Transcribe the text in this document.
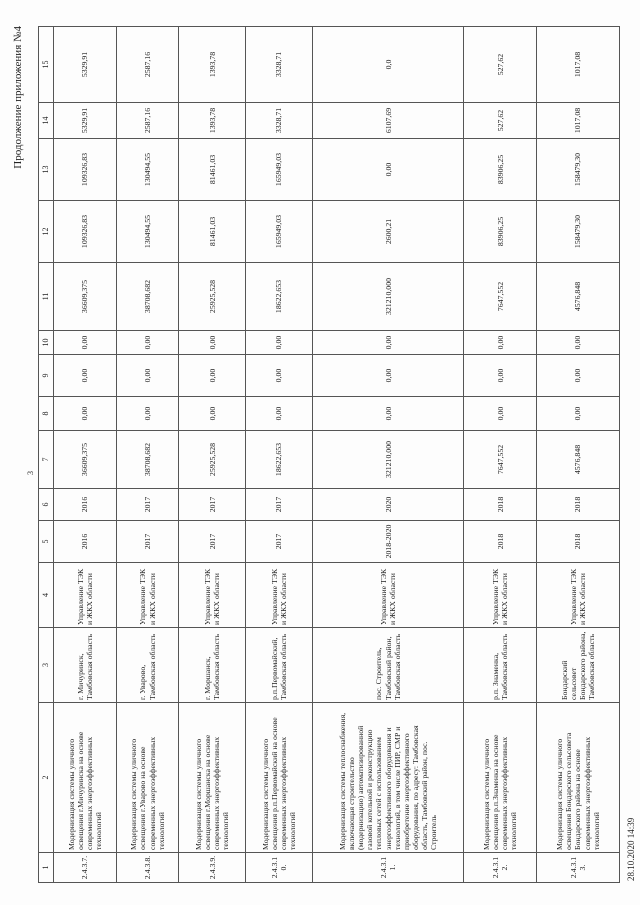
Продолжение приложения №4
3
1	2	3	4	5	6	7	8	9	10	11	12	13	14	15
2.4.3.7.	Модернизация системы уличного освещения г.Мичуринска на основе современных энергоэффективных технологий	г. Мичуринск, Тамбовская область	Управление ТЭК и ЖКХ области	2016	2016	36609,375	0,00	0,00	0,00	36609,375	109326,83	109326,83	5329,91	5329,91
2.4.3.8.	Модернизация системы уличного освещения г.Уварово на основе современных энергоэффективных технологий	г. Уварово, Тамбовская область	Управление ТЭК и ЖКХ области	2017	2017	38708,682	0,00	0,00	0,00	38708,682	130494,55	130494,55	2587,16	2587,16
2.4.3.9.	Модернизация системы уличного освещения г.Моршанска на основе современных энергоэффективных технологий	г. Моршанск, Тамбовская область	Управление ТЭК и ЖКХ области	2017	2017	25925,528	0,00	0,00	0,00	25925,528	81461,03	81461,03	1393,78	1393,78
2.4.3.10.	Модернизация системы уличного освещения р.п.Первомайский на основе современных энергоэффективных технологий	р.п.Первомайский, Тамбовская область	Управление ТЭК и ЖКХ области	2017	2017	18622,653	0,00	0,00	0,00	18622,653	165949,03	165949,03	3328,71	3328,71
2.4.3.11.	Модернизация системы теплоснабжения, включающая строительство (модернизацию) автоматизированной газовой котельной и реконструкцию тепловых сетей с использованием энергоэффективного оборудования и технологий, в том числе ПИР, СМР и приобретение энергоэффективного оборудования, по адресу: Тамбовская область, Тамбовский район, пос. Строитель	пос. Строитель, Тамбовский район, Тамбовская область	Управление ТЭК и ЖКХ области	2018-2020	2020	321210,000	0,00	0,00	0,00	321210,000	2600,21	0,00	6107,69	0,0
2.4.3.12.	Модернизация системы уличного освещения р.п.Знаменка на основе современных энергоэффективных технологий	р.п. Знаменка, Тамбовская область	Управление ТЭК и ЖКХ области	2018	2018	7647,552	0,00	0,00	0,00	7647,552	83906,25	83906,25	527,62	527,62
2.4.3.13.	Модернизация системы уличного освещения Бондарского сельсовета Бондарского района на основе современных энергоэффективных технологий	Бондарский сельсовет Бондарского района, Тамбовская область	Управление ТЭК и ЖКХ области	2018	2018	4576,848	0,00	0,00	0,00	4576,848	158479,30	158479,30	1017,08	1017,08
28.10.2020 14:39
